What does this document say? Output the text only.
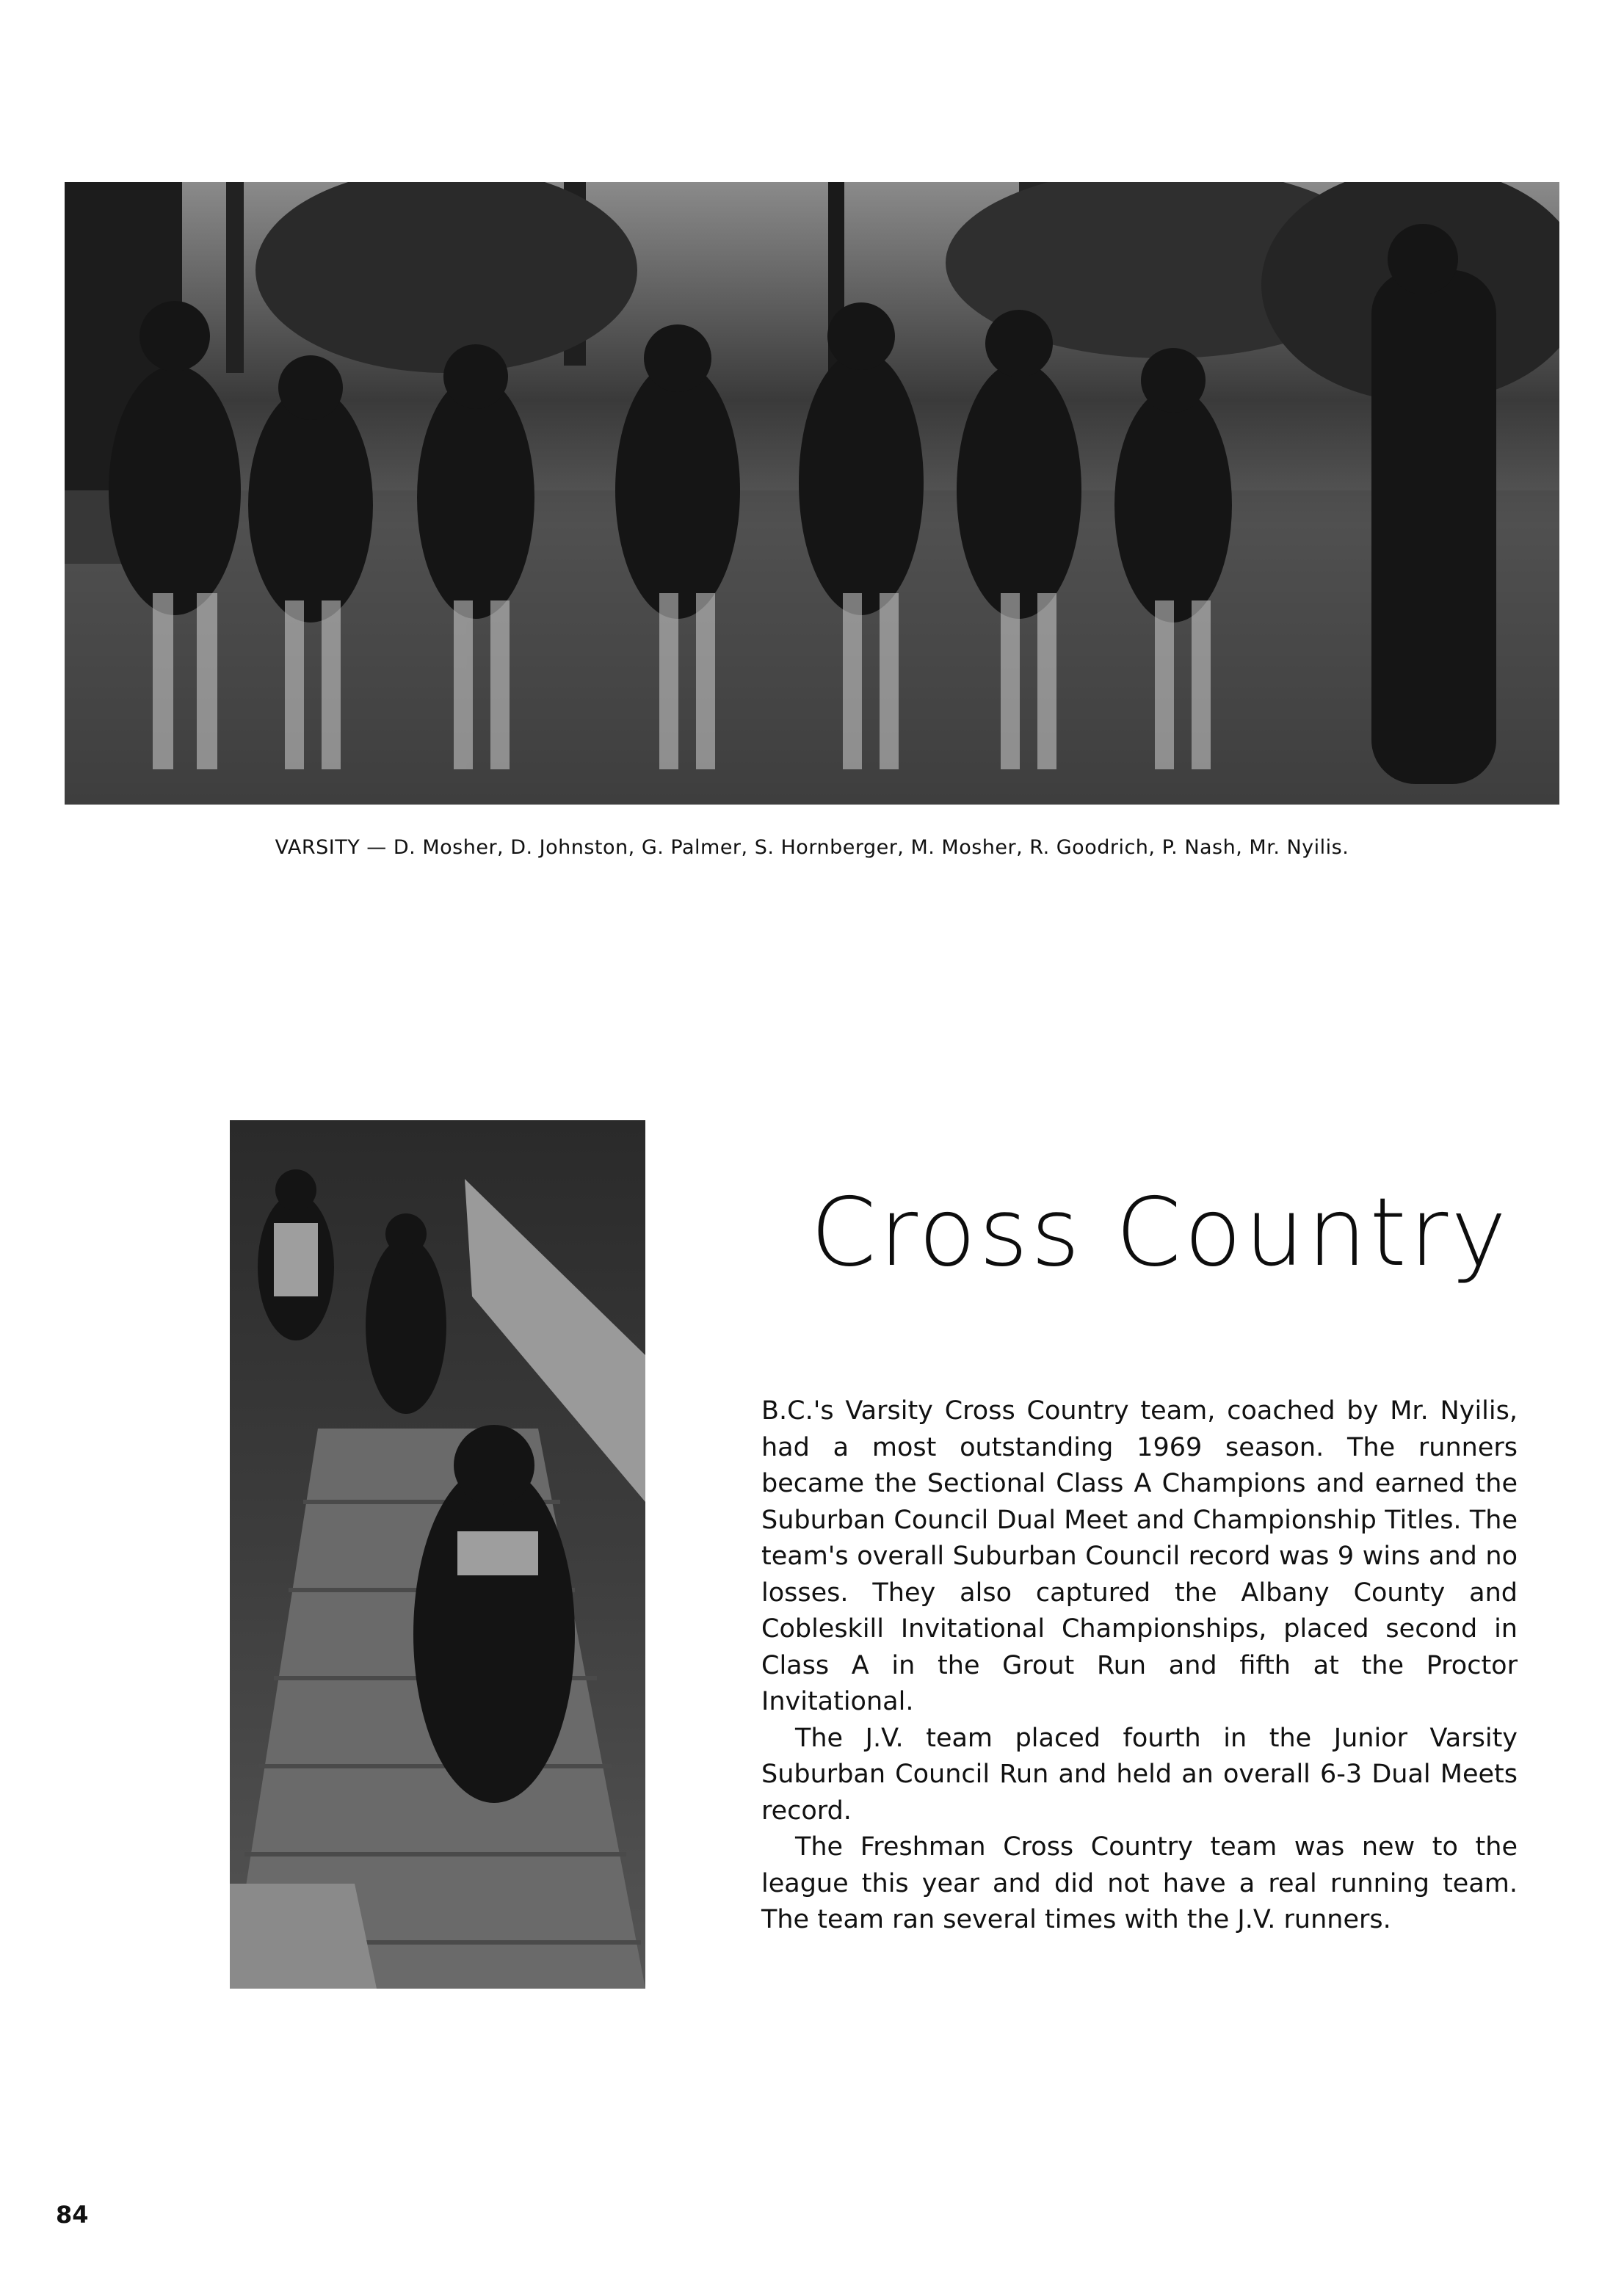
VARSITY — D. Mosher, D. Johnston, G. Palmer, S. Hornberger, M. Mosher, R. Goodrich, P. Nash, Mr. Nyilis.
Cross Country

B.C.'s Varsity Cross Country team, coached by Mr. Nyilis, had a most outstanding 1969 season. The runners became the Sectional Class A Champions and earned the Suburban Council Dual Meet and Championship Titles. The team's overall Suburban Council record was 9 wins and no losses. They also captured the Albany County and Cobleskill Invitational Championships, placed second in Class A in the Grout Run and fifth at the Proctor Invitational.

The J.V. team placed fourth in the Junior Varsity Suburban Council Run and held an overall 6-3 Dual Meets record.

The Freshman Cross Country team was new to the league this year and did not have a real running team. The team ran several times with the J.V. runners.

84
